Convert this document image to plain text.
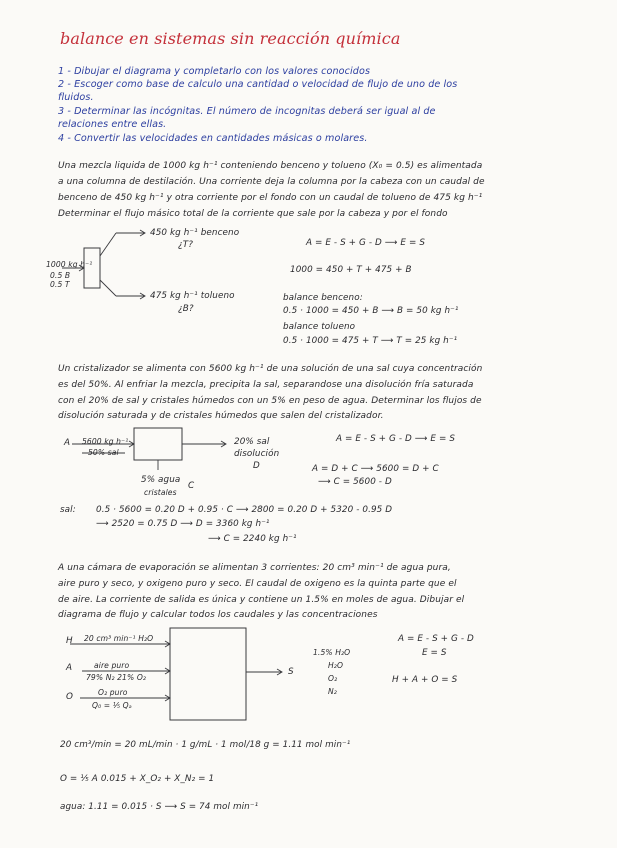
balance en sistemas sin reacción química
1 - Dibujar el diagrama y completarlo con los valores conocidos
2 - Escoger como base de calculo una cantidad o velocidad de flujo de uno de los
fluidos.
3 - Determinar las incógnitas. El número de incognitas deberá ser igual al de
relaciones entre ellas.
4 - Convertir las velocidades en cantidades másicas o molares.
Una mezcla liquida de 1000 kg h⁻¹ conteniendo benceno y tolueno (X₀ = 0.5) es alimentada
a una columna de destilación. Una corriente deja la columna por la cabeza con un caudal de
benceno de 450 kg h⁻¹ y otra corriente por el fondo con un caudal de tolueno de 475 kg h⁻¹
Determinar el flujo másico total de la corriente que sale por la cabeza y por el fondo
450 kg h⁻¹ benceno
¿T?
1000 kg h⁻¹
0.5 B
0.5 T
475 kg h⁻¹ tolueno
¿B?
A = E - S + G - D ⟶ E = S
1000 = 450 + T + 475 + B
balance benceno:
0.5 · 1000 = 450 + B ⟶ B = 50 kg h⁻¹
balance tolueno
0.5 · 1000 = 475 + T ⟶ T = 25 kg h⁻¹
Un cristalizador se alimenta con 5600 kg h⁻¹ de una solución de una sal cuya concentración
es del 50%. Al enfriar la mezcla, precipita la sal, separandose una disolución fría saturada
con el 20% de sal y cristales húmedos con un 5% en peso de agua. Determinar los flujos de
disolución saturada y de cristales húmedos que salen del cristalizador.
A 5600 kg h⁻¹
50% sal
20% sal
disolución
D
5% agua
cristales
C
A = E - S + G - D ⟶ E = S
A = D + C ⟶ 5600 = D + C
⟶ C = 5600 - D
sal: 0.5 · 5600 = 0.20 D + 0.95 · C ⟶ 2800 = 0.20 D + 5320 - 0.95 D
⟶ 2520 = 0.75 D ⟶ D = 3360 kg h⁻¹
⟶ C = 2240 kg h⁻¹
A una cámara de evaporación se alimentan 3 corrientes: 20 cm³ min⁻¹ de agua pura,
aire puro y seco, y oxigeno puro y seco. El caudal de oxigeno es la quinta parte que el
de aire. La corriente de salida es única y contiene un 1.5% en moles de agua. Dibujar el
diagrama de flujo y calcular todos los caudales y las concentraciones
H 20 cm³ min⁻¹ H₂O
A	aire puro
79% N₂ 21% O₂
O	O₂ puro
Q₀ = ⅕ Qₐ
S
1.5% H₂O
H₂O
O₂
N₂
A = E - S + G - D
E = S
H + A + O = S
20 cm³/min = 20 mL/min · 1 g/mL · 1 mol/18 g = 1.11 mol min⁻¹
O = ⅕ A 0.015 + X_O₂ + X_N₂ = 1
agua: 1.11 = 0.015 · S ⟶ S = 74 mol min⁻¹
